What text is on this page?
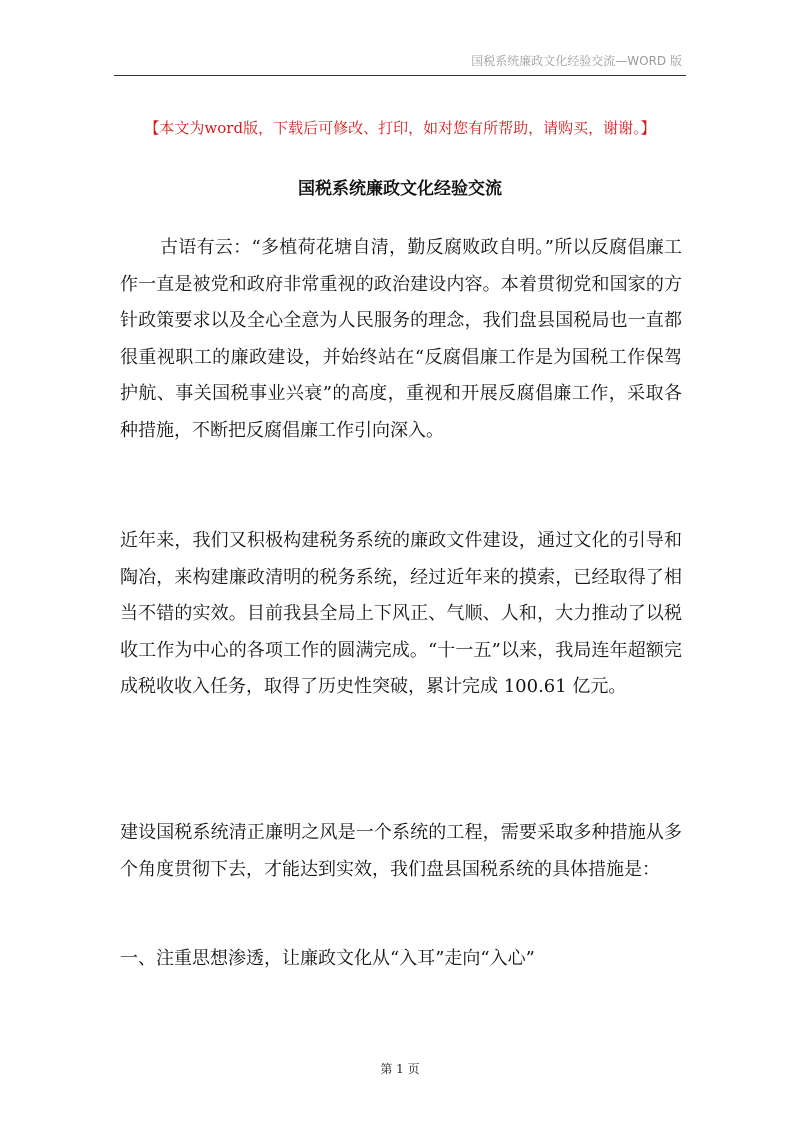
国税系统廉政文化经验交流—WORD 版
【本文为word版，下载后可修改、打印，如对您有所帮助，请购买，谢谢。】
国税系统廉政文化经验交流

古语有云：“多植荷花塘自清，勤反腐败政自明。”所以反腐倡廉工作一直是被党和政府非常重视的政治建设内容。本着贯彻党和国家的方针政策要求以及全心全意为人民服务的理念，我们盘县国税局也一直都很重视职工的廉政建设，并始终站在“反腐倡廉工作是为国税工作保驾护航、事关国税事业兴衰”的高度，重视和开展反腐倡廉工作，采取各种措施，不断把反腐倡廉工作引向深入。

近年来，我们又积极构建税务系统的廉政文件建设，通过文化的引导和陶冶，来构建廉政清明的税务系统，经过近年来的摸索，已经取得了相当不错的实效。目前我县全局上下风正、气顺、人和，大力推动了以税收工作为中心的各项工作的圆满完成。“十一五”以来，我局连年超额完成税收收入任务，取得了历史性突破，累计完成 100.61 亿元。

建设国税系统清正廉明之风是一个系统的工程，需要采取多种措施从多个角度贯彻下去，才能达到实效，我们盘县国税系统的具体措施是：

一、注重思想渗透，让廉政文化从“入耳”走向“入心”

第 1 页
